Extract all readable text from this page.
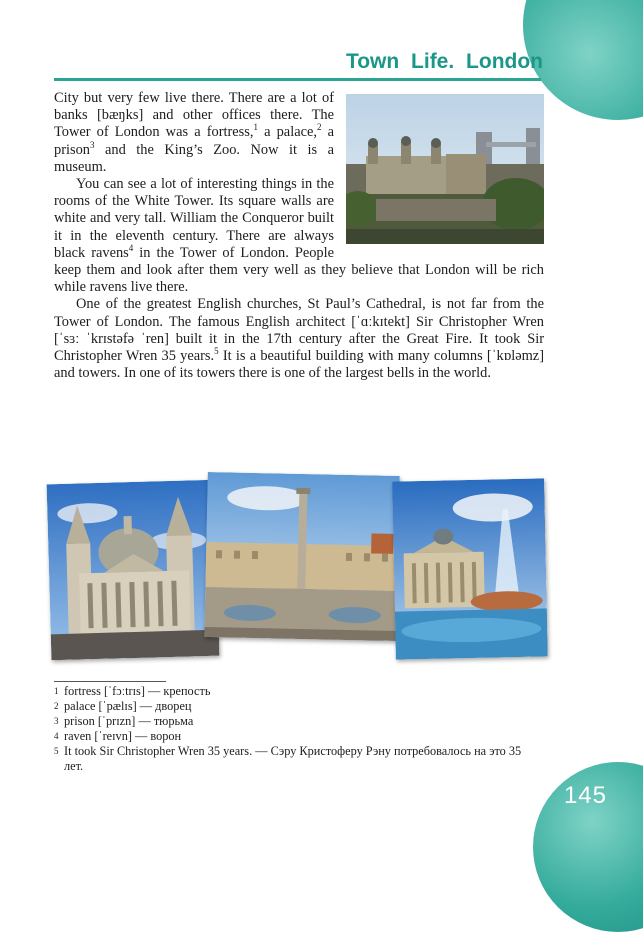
Town Life. London

City but very few live there. There are a lot of banks [bæŋks] and other offices there. The Tower of London was a fortress,$^1$ a palace,$^2$ a prison$^3$ and the King’s Zoo. Now it is a museum.

You can see a lot of interesting things in the rooms of the White Tower. Its square walls are white and very tall. William the Conqueror built it in the eleventh century. There are always black ravens$^4$ in the Tower of London. People keep them and look after them very well as they believe that London will be rich while ravens live there.

One of the greatest English churches, St Paul’s Cathedral, is not far from the Tower of London. The famous English architect [ˈɑːkɪtekt] Sir Christopher Wren [ˈsɜː ˈkrɪstəfə ˈren] built it in the 17th century after the Great Fire. It took Sir Christopher Wren 35 years.$^5$ It is a beautiful building with many columns [ˈkɒləmz] and towers. In one of its towers there is one of the largest bells in the world.

1 fortress [ˈfɔːtrɪs] — крепость
2 palace [ˈpælɪs] — дворец
3 prison [ˈprɪzn] — тюрьма
4 raven [ˈreɪvn] — ворон
5 It took Sir Christopher Wren 35 years. — Сэру Кристоферу Рэну потребовалось на это 35 лет.
145
